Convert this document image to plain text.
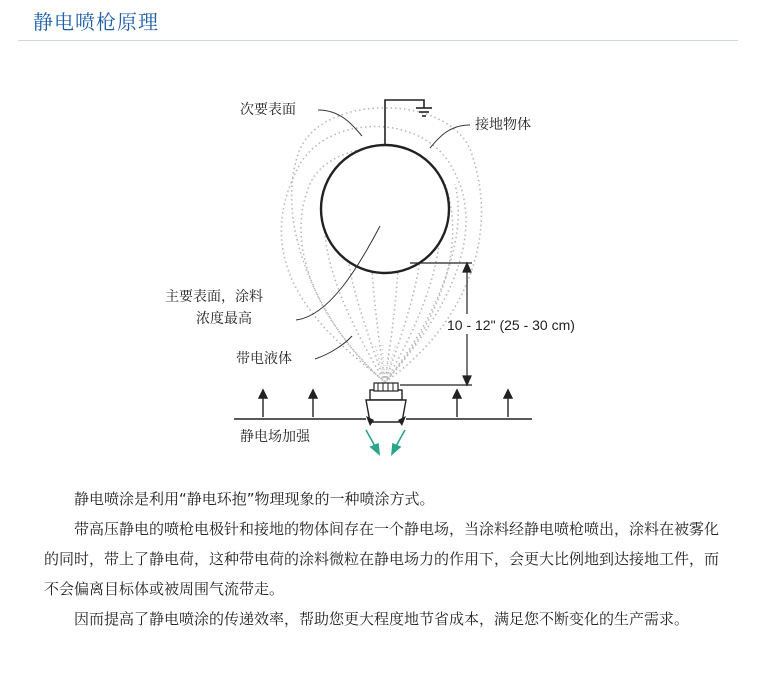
静电喷枪原理
次要表面
接地物体
主要表面，涂料
浓度最高
带电液体
10 - 12" (25 - 30 cm)
静电场加强

静电喷涂是利用“静电环抱”物理现象的一种喷涂方式。

带高压静电的喷枪电极针和接地的物体间存在一个静电场，当涂料经静电喷枪喷出，涂料在被雾化的同时，带上了静电荷，这种带电荷的涂料微粒在静电场力的作用下，会更大比例地到达接地工件，而不会偏离目标体或被周围气流带走。

因而提高了静电喷涂的传递效率，帮助您更大程度地节省成本，满足您不断变化的生产需求。
